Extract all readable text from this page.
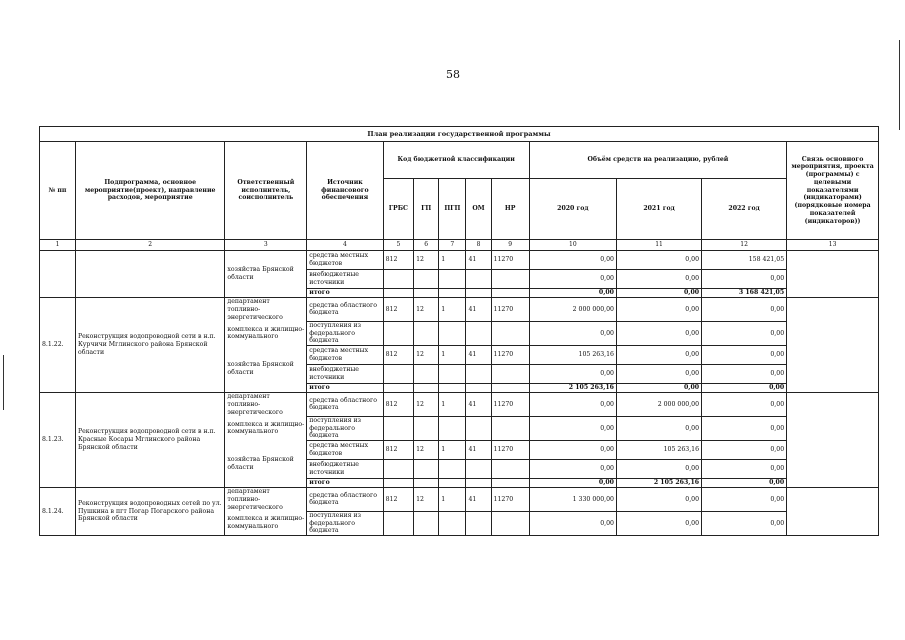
58
План реализации государственной программы												
№ пп	Подпрограмма, основное мероприятие(проект), направление расходов, мероприятие	Ответственный исполнитель, соисполнитель	Источник финансового обеспечения	Код бюджетной классификации					Объём средств на реализацию, рублей			Связь основного мероприятия, проекта (программы) с целевыми показателями (индикаторами) (порядковые номера показателей (индикаторов))
				ГРБС	ГП	ПГП	ОМ	НР	2020 год	2021 год	2022 год	
1	2	3	4	5	6	7	8	9	10	11	12	13
		хозяйства Брянской области	средства местных бюджетов	812	12	1	41	11270	0,00	0,00	158 421,05	
			внебюджетные источники						0,00	0,00	0,00	
			итого						0,00	0,00	3 168 421,05	
8.1.22.	Реконструкция водопроводной сети в н.п. Курчичи Мглинского района Брянской области	департамент топливно-энергетического	средства областного бюджета	812	12	1	41	11270	2 000 000,00	0,00	0,00	
		комплекса и жилищно-коммунального	поступления из федерального бюджета						0,00	0,00	0,00	
		хозяйства Брянской области	средства местных бюджетов	812	12	1	41	11270	105 263,16	0,00	0,00	
			внебюджетные источники						0,00	0,00	0,00	
			итого						2 105 263,16	0,00	0,00	
8.1.23.	Реконструкция водопроводной сети в н.п. Красные Косары Мглинского района Брянской области	департамент топливно-энергетического	средства областного бюджета	812	12	1	41	11270	0,00	2 000 000,00	0,00	
		комплекса и жилищно-коммунального	поступления из федерального бюджета						0,00	0,00	0,00	
		хозяйства Брянской области	средства местных бюджетов	812	12	1	41	11270	0,00	105 263,16	0,00	
			внебюджетные источники						0,00	0,00	0,00	
			итого						0,00	2 105 263,16	0,00	
8.1.24.	Реконструкция водопроводных сетей по ул. Пушкина в пгт Погар Погарского района Брянской области	департамент топливно-энергетического	средства областного бюджета	812	12	1	41	11270	1 330 000,00	0,00	0,00	
		комплекса и жилищно-коммунального	поступления из федерального бюджета						0,00	0,00	0,00	
